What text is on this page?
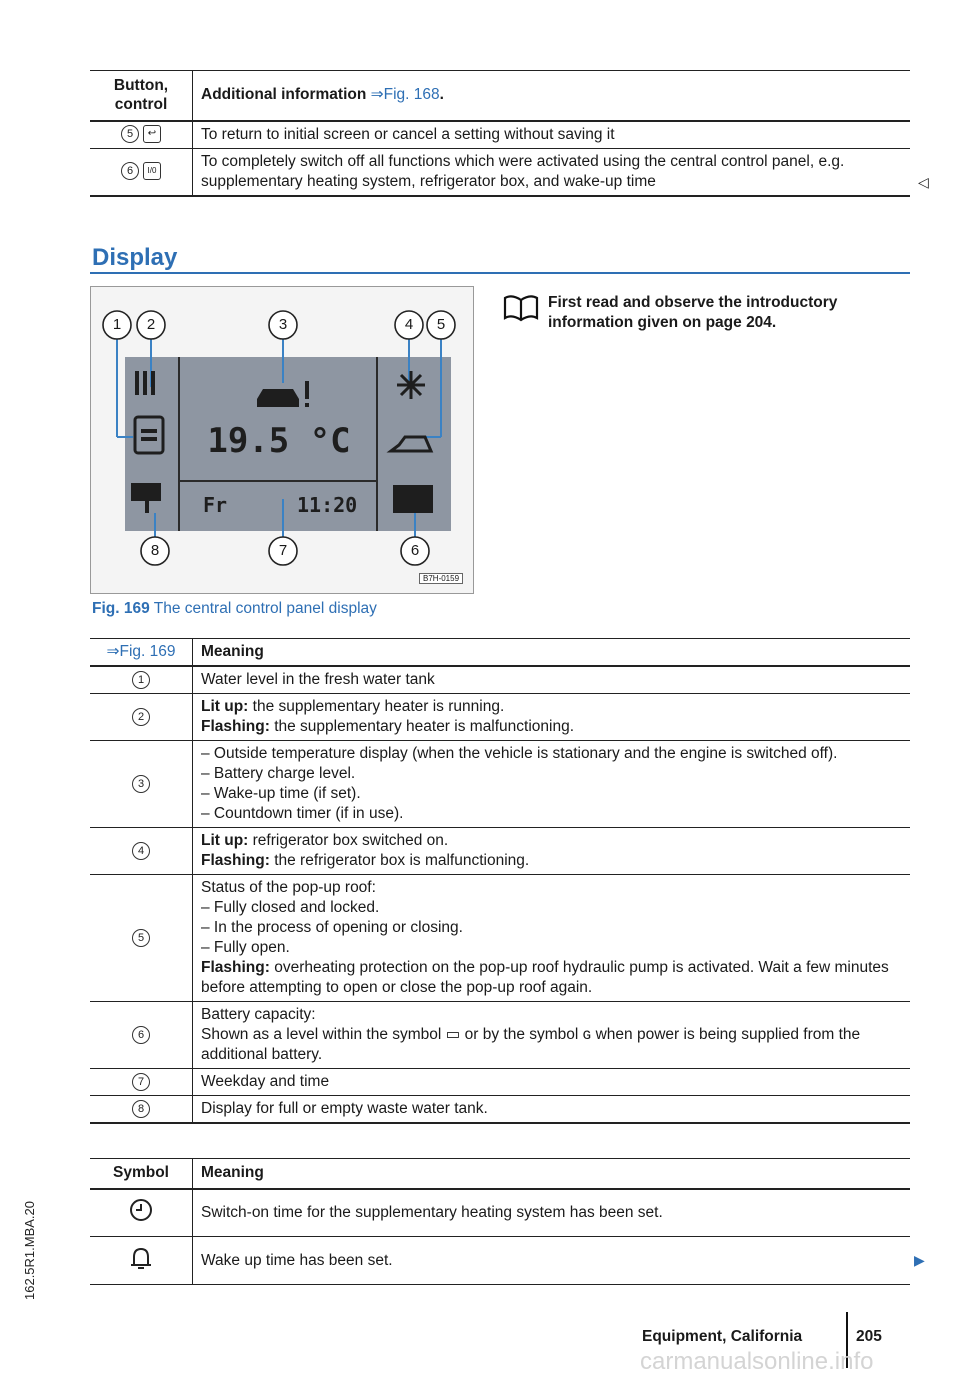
162.5R1.MBA.20
Button, control	Additional information ⇒Fig. 168.
5 ↩	To return to initial screen or cancel a setting without saving it
6 I/0	To completely switch off all functions which were activated using the central control panel, e.g. supplementary heating system, refrigerator box, and wake-up time	◁
Display
1 2	3	4 5
6
7
8
19.5 °C
Fr	11:20
B7H-0159
Fig. 169 The central control panel display
First read and observe the introductory information given on page 204.
⇒Fig. 169	Meaning
1	Water level in the fresh water tank

2	Lit up: the supplementary heater is running.
Flashing: the supplementary heater is malfunctioning.

3	– Outside temperature display (when the vehicle is stationary and the engine is switched off).
– Battery charge level.
– Wake-up time (if set).
– Countdown timer (if in use).

4	Lit up: refrigerator box switched on.
Flashing: the refrigerator box is malfunctioning.

5	Status of the pop-up roof:
– Fully closed and locked.
– In the process of opening or closing.
– Fully open.
Flashing: overheating protection on the pop-up roof hydraulic pump is activated. Wait a few minutes before attempting to open or close the pop-up roof again.

6	Battery capacity:
Shown as a level within the symbol ▭ or by the symbol ɢ when power is being supplied from the additional battery.

7	Weekday and time

8	Display for full or empty waste water tank.
Symbol	Meaning
	Switch-on time for the supplementary heating system has been set.
	Wake up time has been set.	▶
Equipment, California	205
carmanualsonline.info
